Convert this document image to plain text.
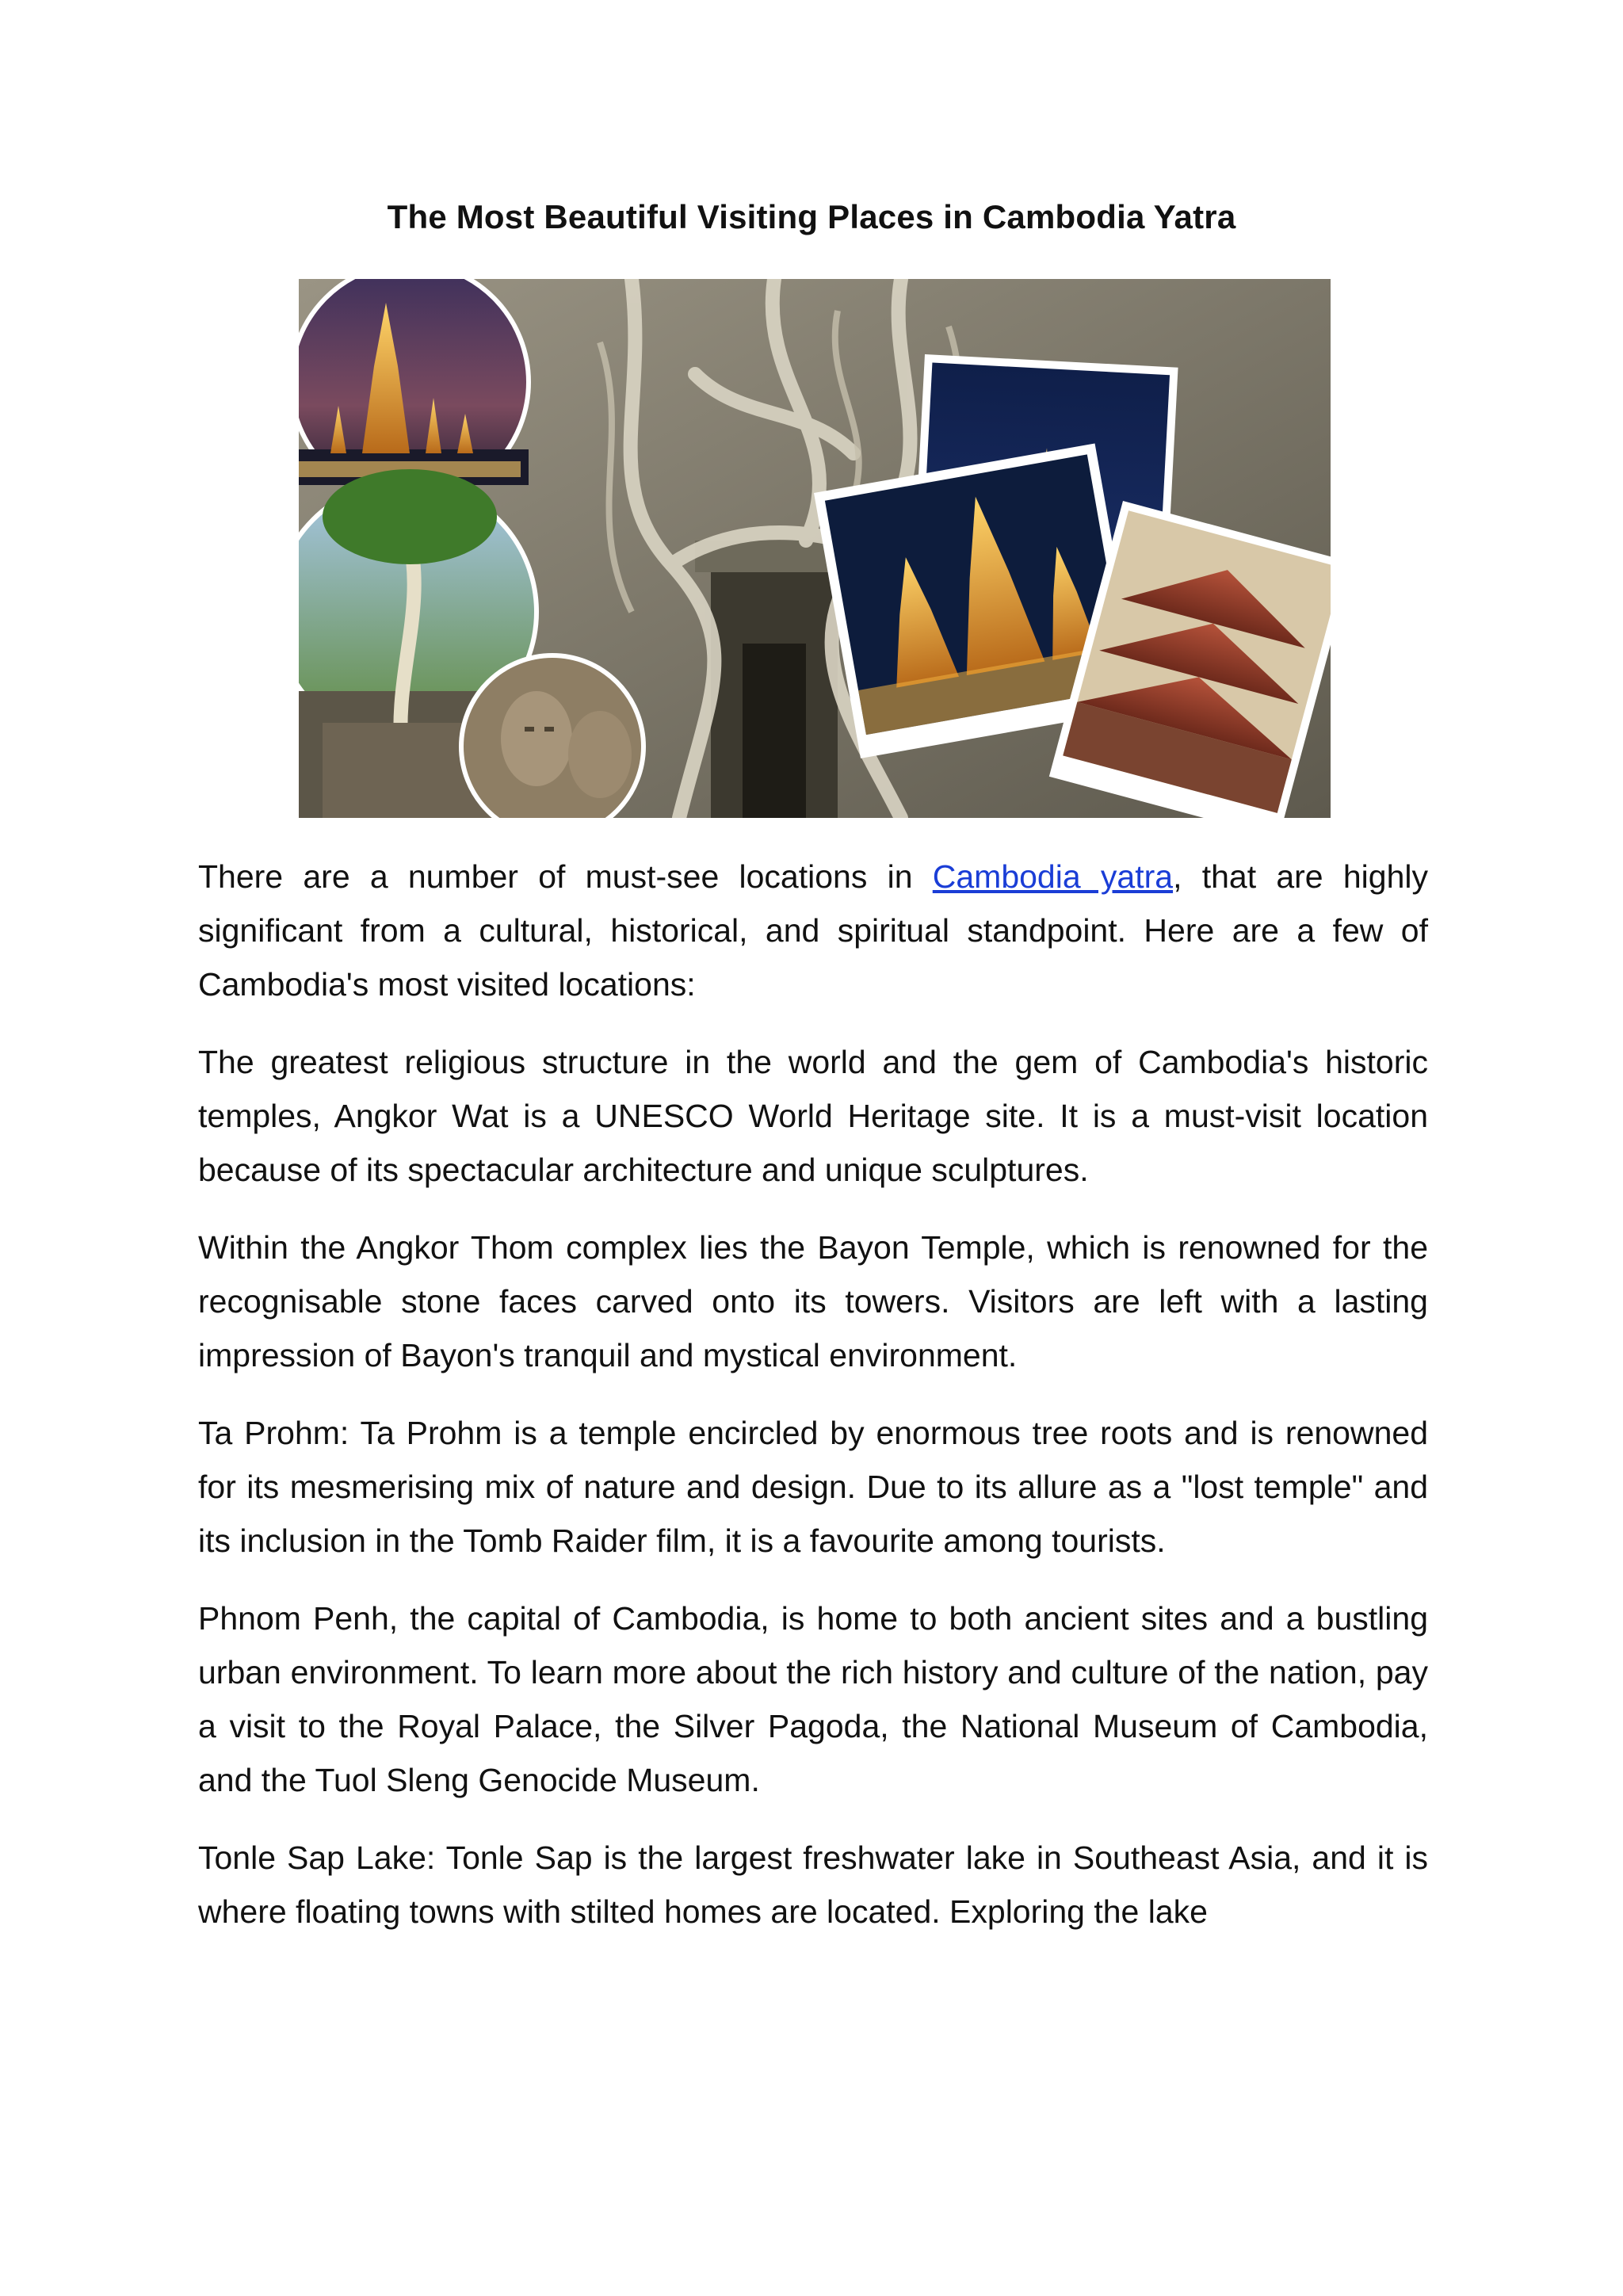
The Most Beautiful Visiting Places in Cambodia Yatra

There are a number of must-see locations in Cambodia yatra, that are highly significant from a cultural, historical, and spiritual standpoint. Here are a few of Cambodia's most visited locations:

The greatest religious structure in the world and the gem of Cambodia's historic temples, Angkor Wat is a UNESCO World Heritage site. It is a must-visit location because of its spectacular architecture and unique sculptures.

Within the Angkor Thom complex lies the Bayon Temple, which is renowned for the recognisable stone faces carved onto its towers. Visitors are left with a lasting impression of Bayon's tranquil and mystical environment.

Ta Prohm: Ta Prohm is a temple encircled by enormous tree roots and is renowned for its mesmerising mix of nature and design. Due to its allure as a "lost temple" and its inclusion in the Tomb Raider film, it is a favourite among tourists.

Phnom Penh, the capital of Cambodia, is home to both ancient sites and a bustling urban environment. To learn more about the rich history and culture of the nation, pay a visit to the Royal Palace, the Silver Pagoda, the National Museum of Cambodia, and the Tuol Sleng Genocide Museum.

Tonle Sap Lake: Tonle Sap is the largest freshwater lake in Southeast Asia, and it is where floating towns with stilted homes are located. Exploring the lake
